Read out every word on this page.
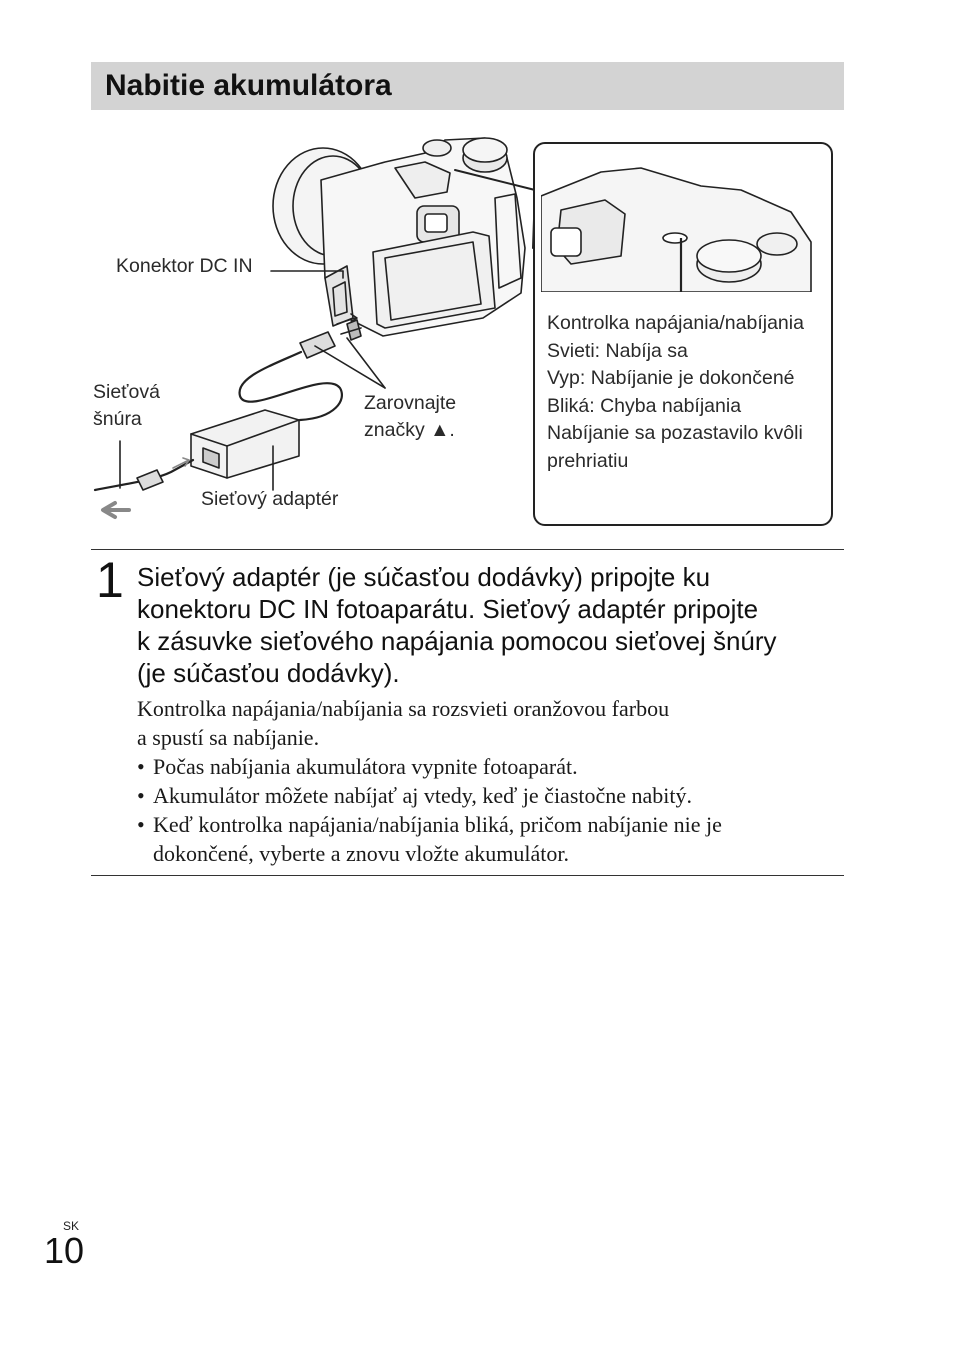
Nabitie akumulátora
Konektor DC IN
Sieťová
šnúra
Sieťový adaptér
Zarovnajte
značky ▲.
Kontrolka napájania/nabíjania
Svieti: Nabíja sa
Vyp: Nabíjanie je dokončené
Bliká: Chyba nabíjania
Nabíjanie sa pozastavilo kvôli
prehriatiu
1 Sieťový adaptér (je súčasťou dodávky) pripojte ku
konektoru DC IN fotoaparátu. Sieťový adaptér pripojte
k zásuvke sieťového napájania pomocou sieťovej šnúry
(je súčasťou dodávky).
Kontrolka napájania/nabíjania sa rozsvieti oranžovou farbou
a spustí sa nabíjanie.
• Počas nabíjania akumulátora vypnite fotoaparát.
• Akumulátor môžete nabíjať aj vtedy, keď je čiastočne nabitý.
• Keď kontrolka napájania/nabíjania bliká, pričom nabíjanie nie je
dokončené, vyberte a znovu vložte akumulátor.
SK
10
